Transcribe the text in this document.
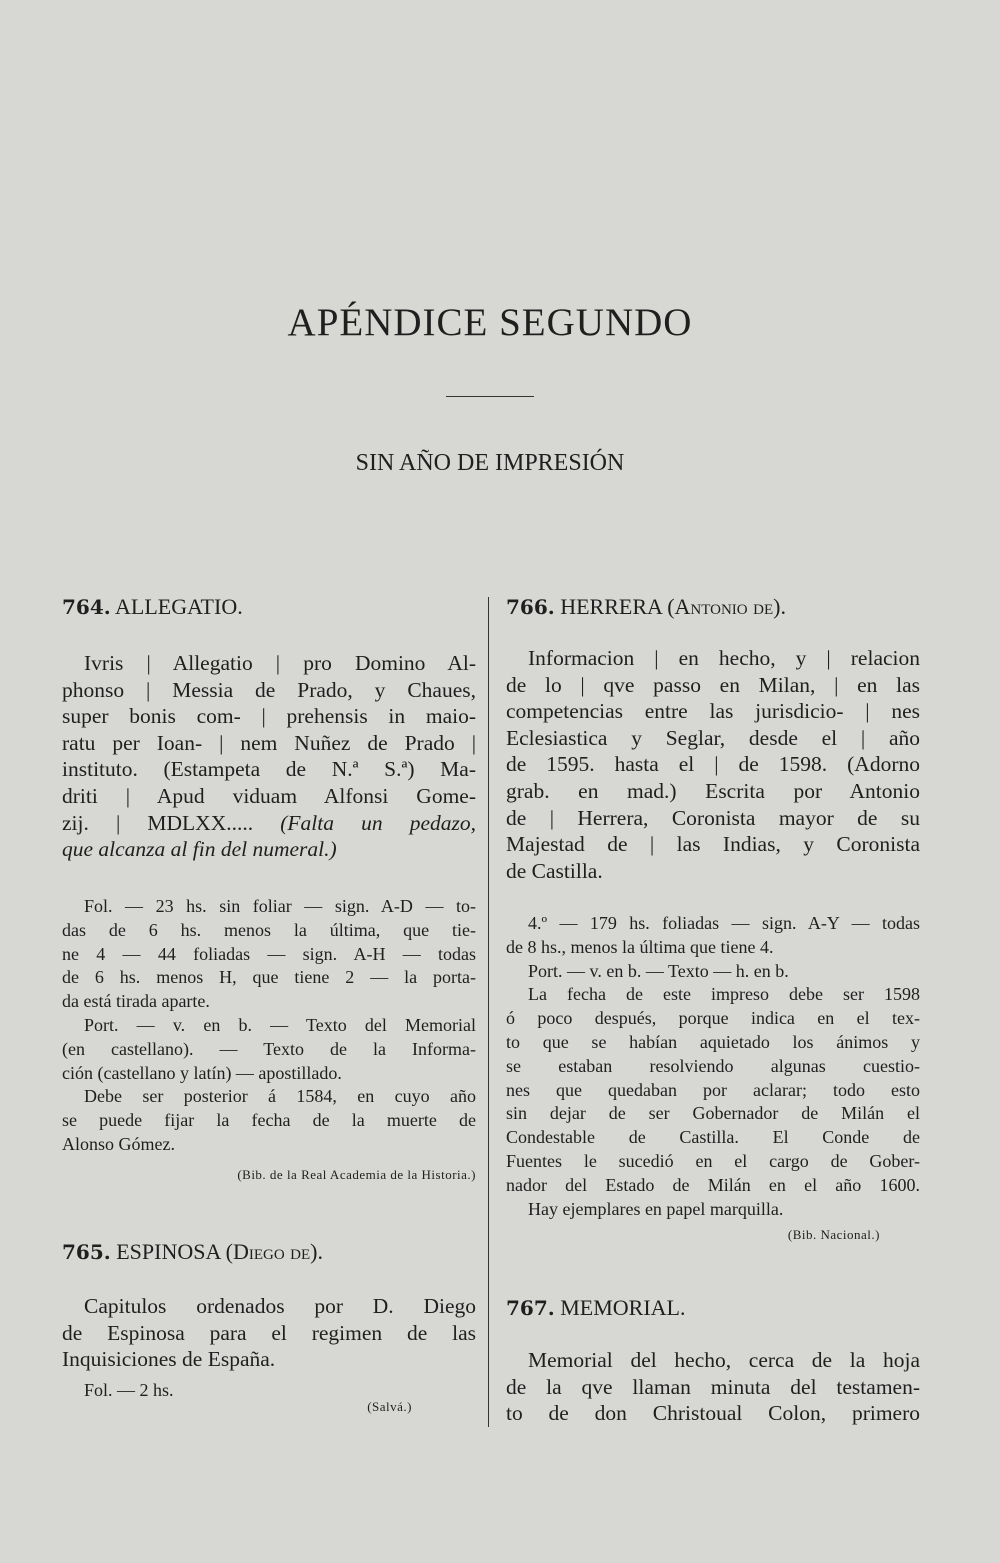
APÉNDICE SEGUNDO
SIN AÑO DE IMPRESIÓN

764. ALLEGATIO.

Ivris | Allegatio | pro Domino Al-
phonso | Messia de Prado, y Chaues,
super bonis com- | prehensis in maio-
ratu per Ioan- | nem Nuñez de Prado |
instituto. (Estampeta de N.ª S.ª) Ma-
driti | Apud viduam Alfonsi Gome-
zij. | MDLXX..... (Falta un pedazo,
que alcanza al fin del numeral.)

Fol. — 23 hs. sin foliar — sign. A-D — to-
das de 6 hs. menos la última, que tie-
ne 4 — 44 foliadas — sign. A-H — todas
de 6 hs. menos H, que tiene 2 — la porta-
da está tirada aparte.
Port. — v. en b. — Texto del Memorial
(en castellano). — Texto de la Informa-
ción (castellano y latín) — apostillado.
Debe ser posterior á 1584, en cuyo año
se puede fijar la fecha de la muerte de
Alonso Gómez.

(Bib. de la Real Academia de la Historia.)

765. ESPINOSA (Diego de).

Capitulos ordenados por D. Diego
de Espinosa para el regimen de las
Inquisiciones de España.

Fol. — 2 hs.

(Salvá.)

766. HERRERA (Antonio de).

Informacion | en hecho, y | relacion
de lo | qve passo en Milan, | en las
competencias entre las jurisdicio- | nes
Eclesiastica y Seglar, desde el | año
de 1595. hasta el | de 1598. (Adorno
grab. en mad.) Escrita por Antonio
de | Herrera, Coronista mayor de su
Majestad de | las Indias, y Coronista
de Castilla.

4.º — 179 hs. foliadas — sign. A-Y — todas
de 8 hs., menos la última que tiene 4.
Port. — v. en b. — Texto — h. en b.
La fecha de este impreso debe ser 1598
ó poco después, porque indica en el tex-
to que se habían aquietado los ánimos y
se estaban resolviendo algunas cuestio-
nes que quedaban por aclarar; todo esto
sin dejar de ser Gobernador de Milán el
Condestable de Castilla. El Conde de
Fuentes le sucedió en el cargo de Gober-
nador del Estado de Milán en el año 1600.
Hay ejemplares en papel marquilla.

(Bib. Nacional.)

767. MEMORIAL.

Memorial del hecho, cerca de la hoja
de la qve llaman minuta del testamen-
to de don Christoual Colon, primero
